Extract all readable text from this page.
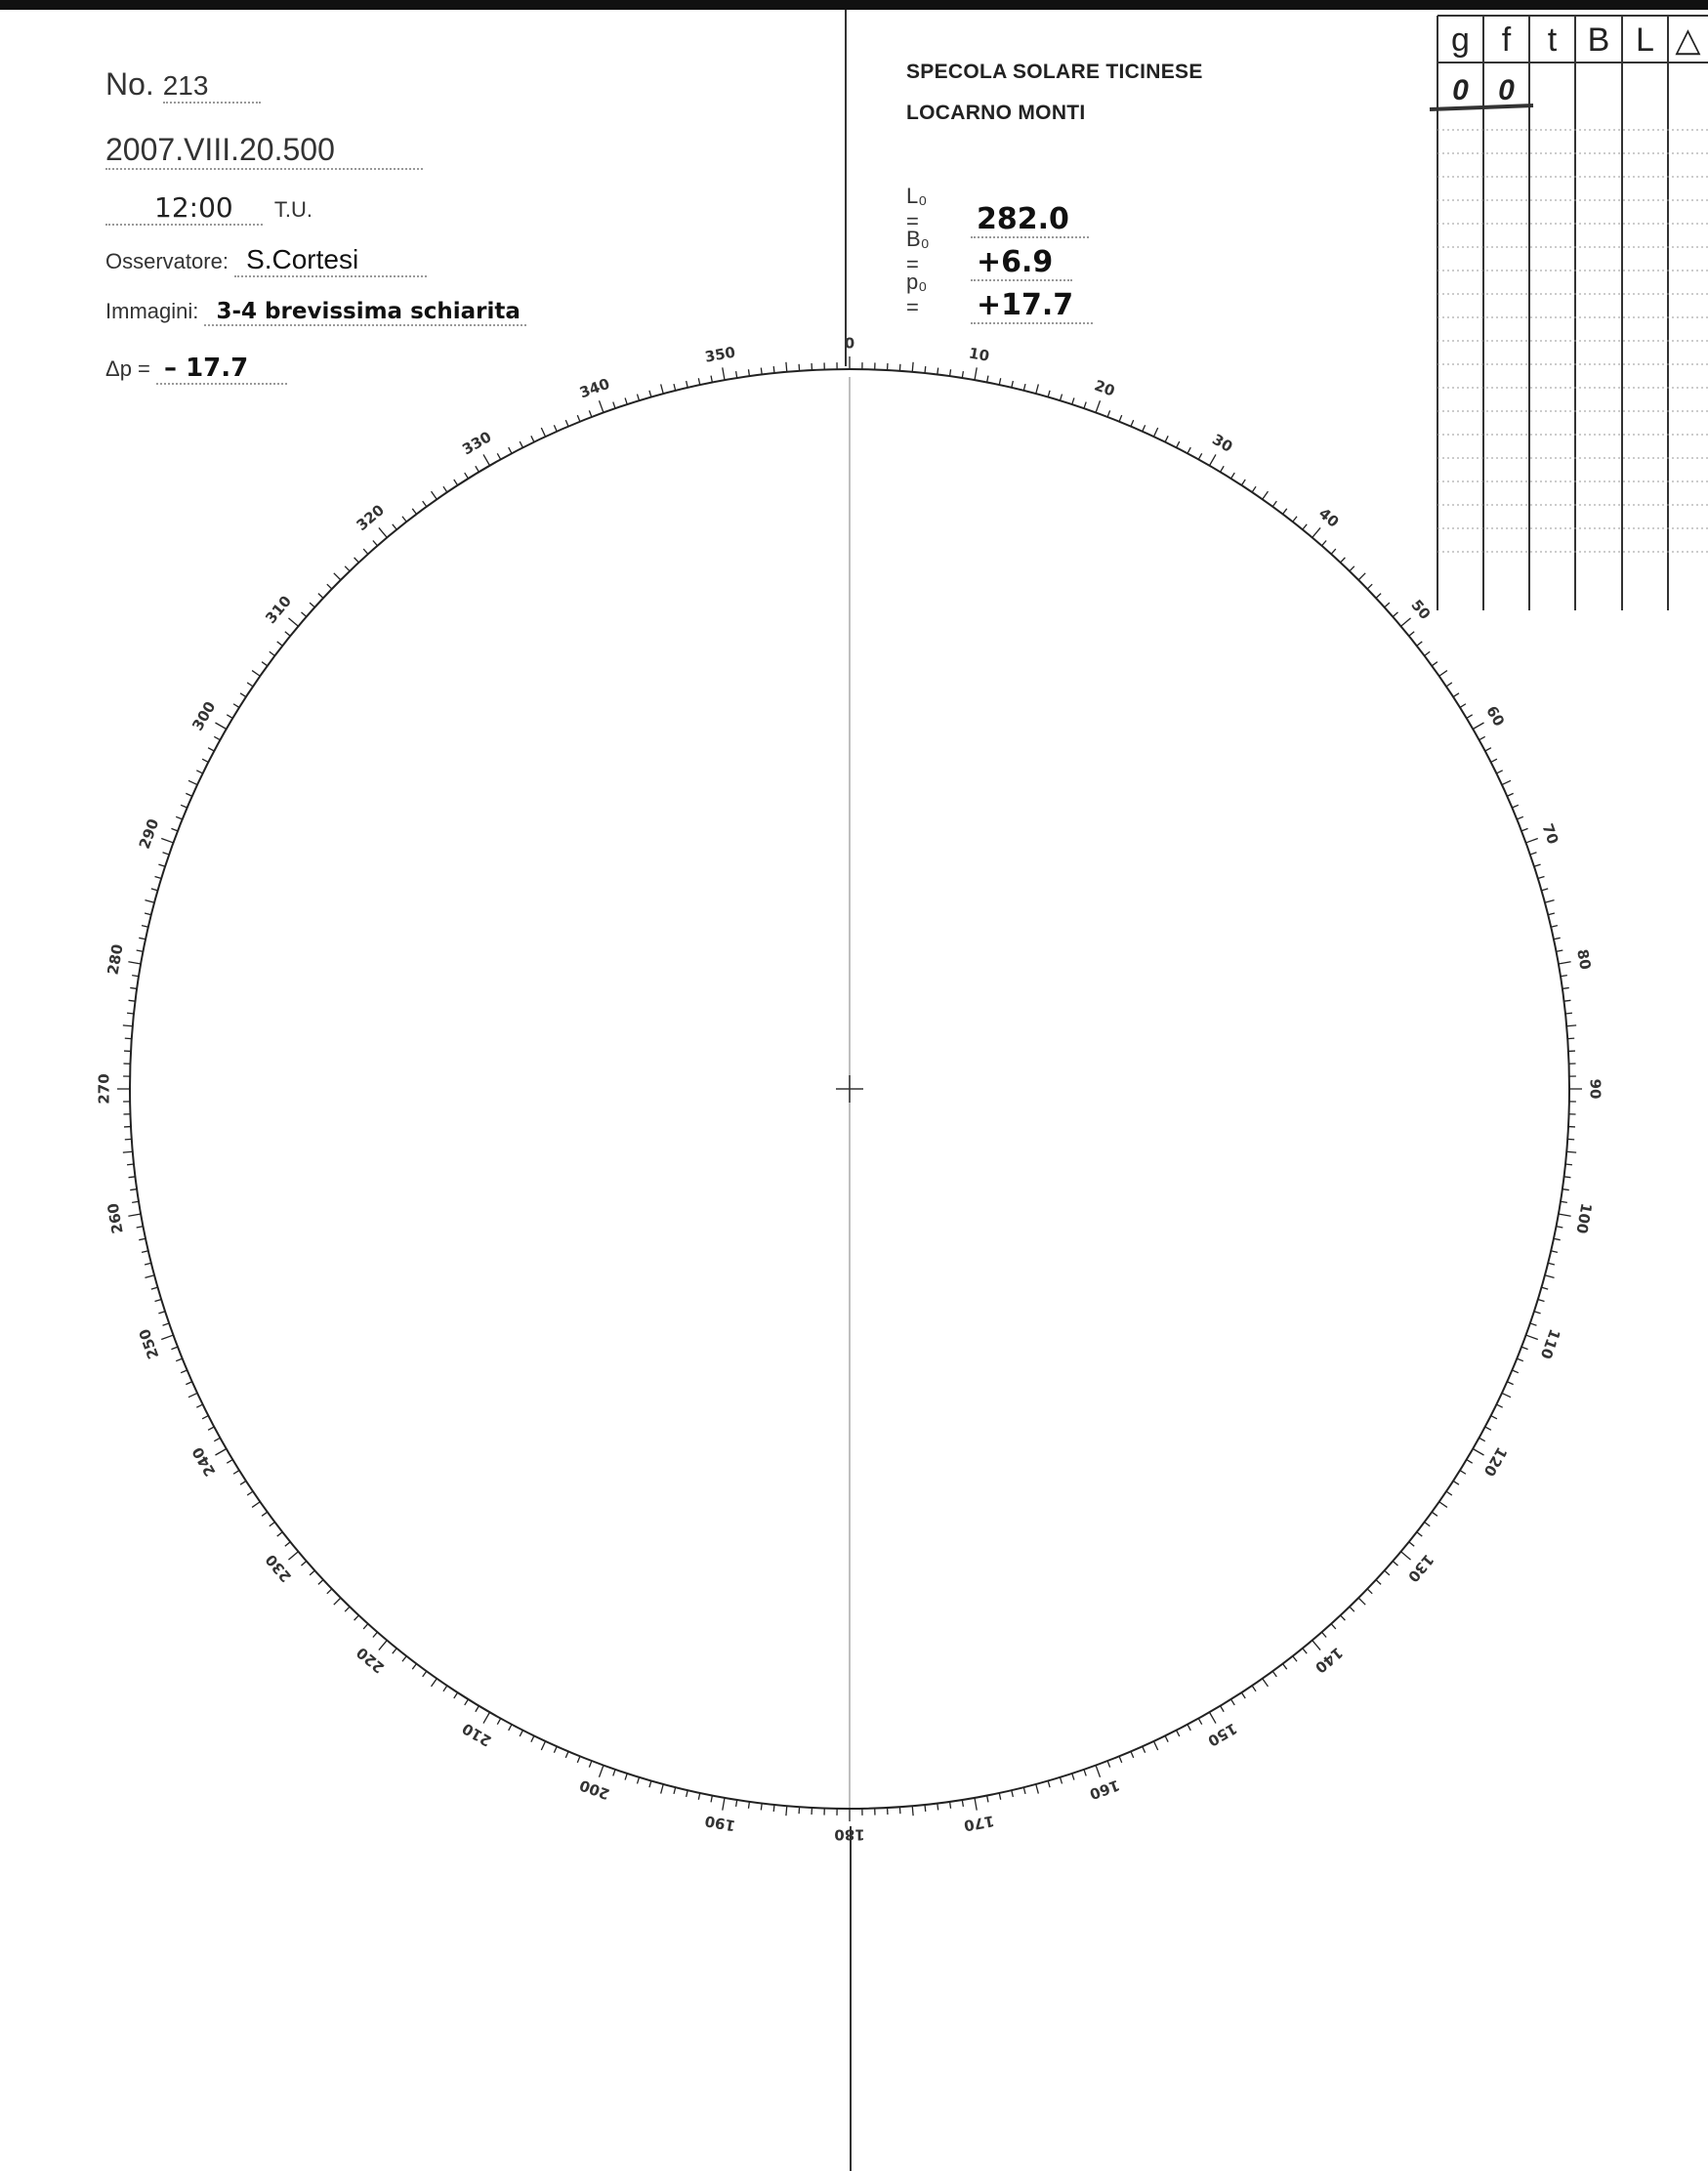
No. 213
2007.VIII.20.500
12:00 T.U.
Osservatore: S.Cortesi
Immagini: 3-4 brevissima schiarita
Δp = – 17.7
SPECOLA SOLARE TICINESE
LOCARNO MONTI
L₀ = 282.0
B₀ = +6.9
p₀ = +17.7
g f t B L △
0 0
0
10
20
30
40
50
60
70
80
90
100
110
120
130
140
150
160
170
180
190
200
210
220
230
240
250
260
270
280
290
300
310
320
330
340
350
